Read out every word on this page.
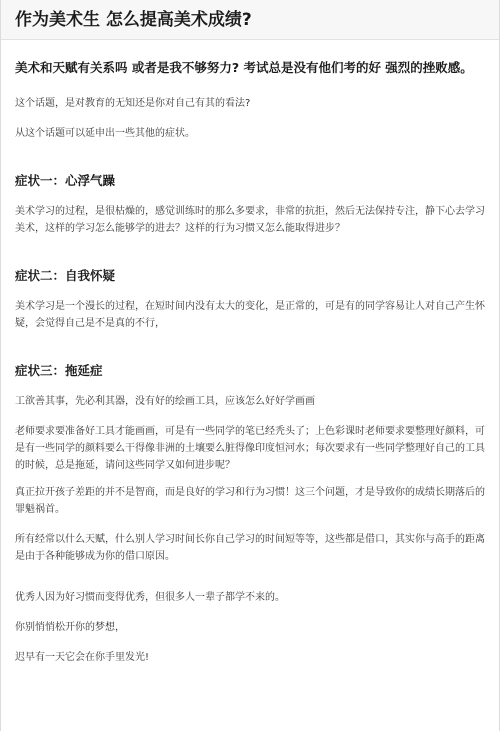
作为美术生 怎么提高美术成绩?

美术和天赋有关系吗 或者是我不够努力? 考试总是没有他们考的好 强烈的挫败感。

这个话题，是对教育的无知还是你对自己有其的看法?

从这个话题可以延申出一些其他的症状。

症状一：心浮气躁

美术学习的过程，是很枯燥的，感觉训练时的那么多要求，非常的抗拒，然后无法保持专注，静下心去学习美术，这样的学习怎么能够学的进去？这样的行为习惯又怎么能取得进步？

症状二：自我怀疑

美术学习是一个漫长的过程，在短时间内没有太大的变化，是正常的，可是有的同学容易让人对自己产生怀疑，会觉得自己是不是真的不行，

症状三：拖延症

工欲善其事，先必利其器，没有好的绘画工具，应该怎么好好学画画

老师要求要准备好工具才能画画，可是有一些同学的笔已经秃头了；上色彩课时老师要求要整理好颜料，可是有一些同学的颜料要么干得像非洲的土壤要么脏得像印度恒河水；每次要求有一些同学整理好自己的工具的时候，总是拖延，请问这些同学又如何进步呢？

真正拉开孩子差距的并不是智商，而是良好的学习和行为习惯！这三个问题，才是导致你的成绩长期落后的罪魁祸首。

所有经常以什么天赋，什么别人学习时间长你自己学习的时间短等等，这些都是借口，其实你与高手的距离是由于各种能够成为你的借口原因。

优秀人因为好习惯而变得优秀，但很多人一辈子都学不来的。

你别悄悄松开你的梦想，

迟早有一天它会在你手里发光!
